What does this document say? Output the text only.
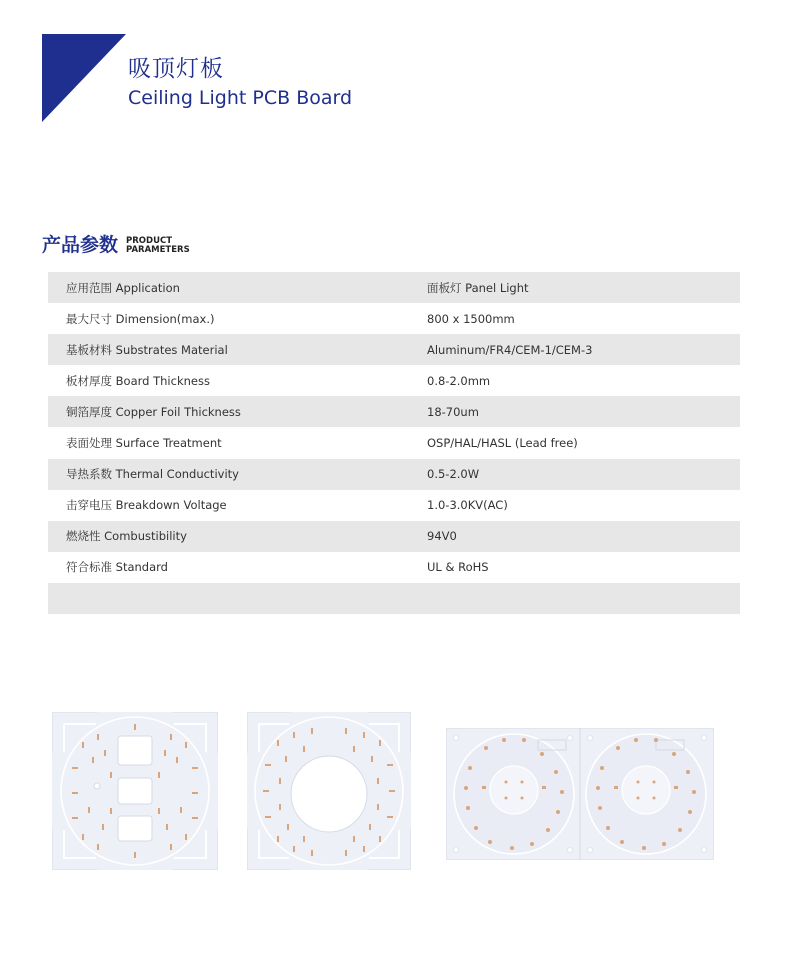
吸顶灯板
Ceiling Light PCB Board
产品参数 PRODUCT
PARAMETERS
应用范围 Application	面板灯 Panel Light
最大尺寸 Dimension(max.)	800 x 1500mm
基板材料 Substrates Material	Aluminum/FR4/CEM-1/CEM-3
板材厚度 Board Thickness	0.8-2.0mm
铜箔厚度 Copper Foil Thickness	18-70um
表面处理 Surface Treatment	OSP/HAL/HASL (Lead free)
导热系数 Thermal Conductivity	0.5-2.0W
击穿电压 Breakdown Voltage	1.0-3.0KV(AC)
燃烧性 Combustibility	94V0
符合标准 Standard	UL & RoHS
